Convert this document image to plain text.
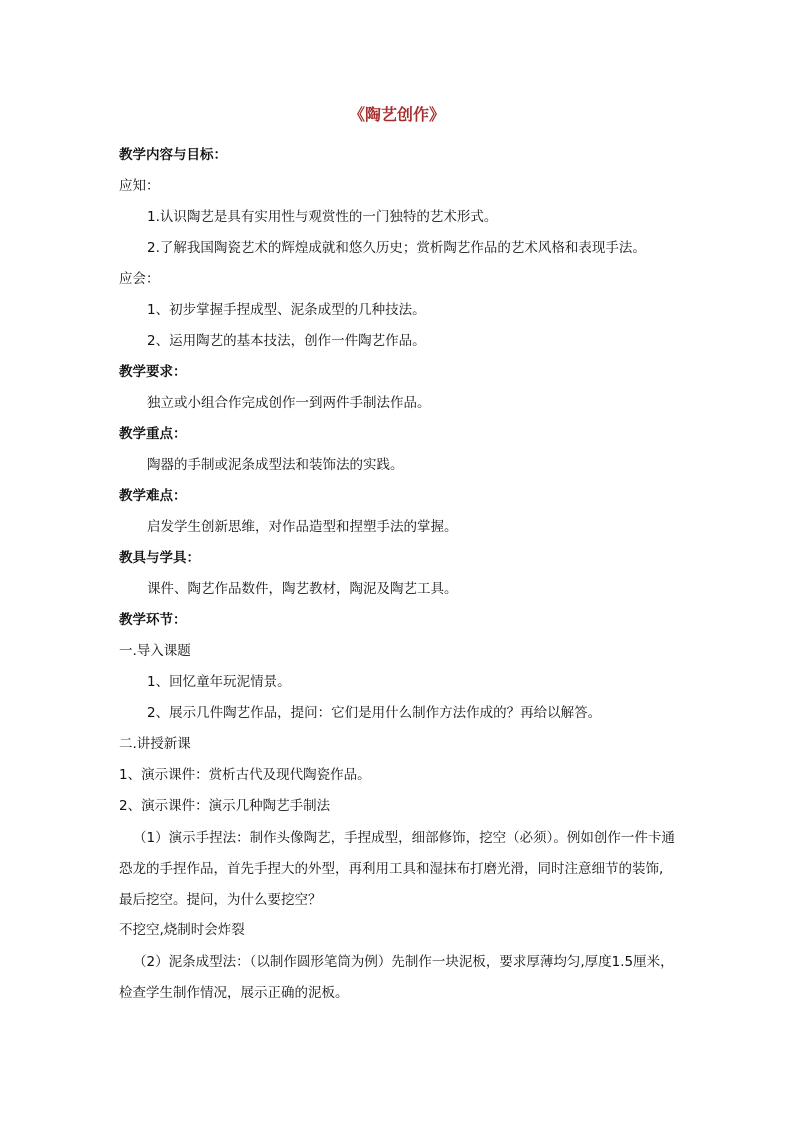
《陶艺创作》
教学内容与目标：
应知：
1.认识陶艺是具有实用性与观赏性的一门独特的艺术形式。
2.了解我国陶瓷艺术的辉煌成就和悠久历史；赏析陶艺作品的艺术风格和表现手法。
应会：
1、初步掌握手捏成型、泥条成型的几种技法。
2、运用陶艺的基本技法，创作一件陶艺作品。
教学要求：
独立或小组合作完成创作一到两件手制法作品。
教学重点：
陶器的手制或泥条成型法和装饰法的实践。
教学难点：
启发学生创新思维，对作品造型和捏塑手法的掌握。
教具与学具：
课件、陶艺作品数件，陶艺教材，陶泥及陶艺工具。
教学环节：
一.导入课题
1、回忆童年玩泥情景。
2、展示几件陶艺作品，提问：它们是用什么制作方法作成的？再给以解答。
二.讲授新课
1、演示课件：赏析古代及现代陶瓷作品。
2、演示课件：演示几种陶艺手制法
（1）演示手捏法：制作头像陶艺，手捏成型，细部修饰，挖空（必须）。例如创作一件卡通恐龙的手捏作品，首先手捏大的外型，再利用工具和湿抹布打磨光滑，同时注意细节的装饰,最后挖空。提问，为什么要挖空？
不挖空,烧制时会炸裂
（2）泥条成型法：（以制作圆形笔筒为例）先制作一块泥板，要求厚薄均匀,厚度1.5厘米，检查学生制作情况，展示正确的泥板。
